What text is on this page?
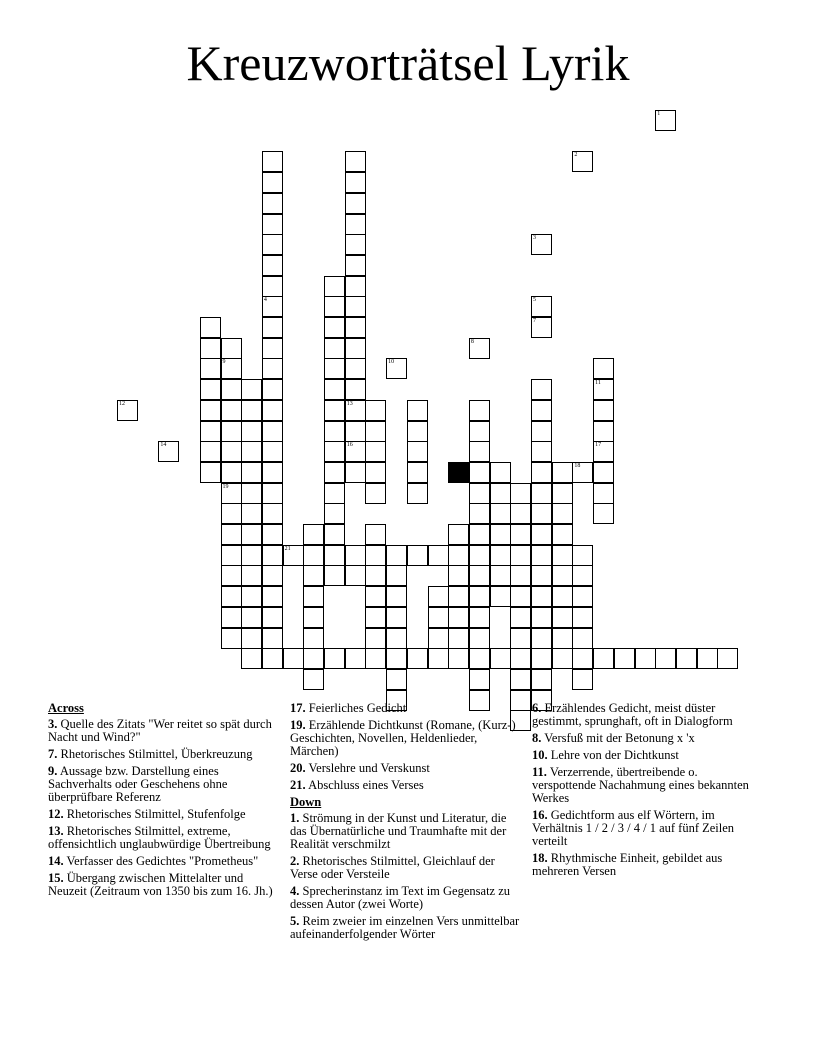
Kreuzworträtsel Lyrik
13
16
4
9
19
11
17
21
1
2
3
5
7
8
10
12
14
18

Across

3. Quelle des Zitats "Wer reitet so spät durch Nacht und Wind?"

7. Rhetorisches Stilmittel, Überkreuzung

9. Aussage bzw. Darstellung eines Sachverhalts oder Geschehens ohne überprüfbare Referenz

12. Rhetorisches Stilmittel, Stufenfolge

13. Rhetorisches Stilmittel, extreme, offensichtlich unglaubwürdige Übertreibung

14. Verfasser des Gedichtes "Prometheus"

15. Übergang zwischen Mittelalter und Neuzeit (Zeitraum von 1350 bis zum 16. Jh.)

17. Feierliches Gedicht

19. Erzählende Dichtkunst (Romane, (Kurz-) Geschichten, Novellen, Heldenlieder, Märchen)

20. Verslehre und Verskunst

21. Abschluss eines Verses

Down

1. Strömung in der Kunst und Literatur, die das Übernatürliche und Traumhafte mit der Realität verschmilzt

2. Rhetorisches Stilmittel, Gleichlauf der Verse oder Versteile

4. Sprecherinstanz im Text im Gegensatz zu dessen Autor (zwei Worte)

5. Reim zweier im einzelnen Vers unmittelbar aufeinanderfolgender Wörter

6. Erzählendes Gedicht, meist düster gestimmt, sprunghaft, oft in Dialogform

8. Versfuß mit der Betonung x 'x

10. Lehre von der Dichtkunst

11. Verzerrende, übertreibende o. verspottende Nachahmung eines bekannten Werkes

16. Gedichtform aus elf Wörtern, im Verhältnis 1 / 2 / 3 / 4 / 1 auf fünf Zeilen verteilt

18. Rhythmische Einheit, gebildet aus mehreren Versen
